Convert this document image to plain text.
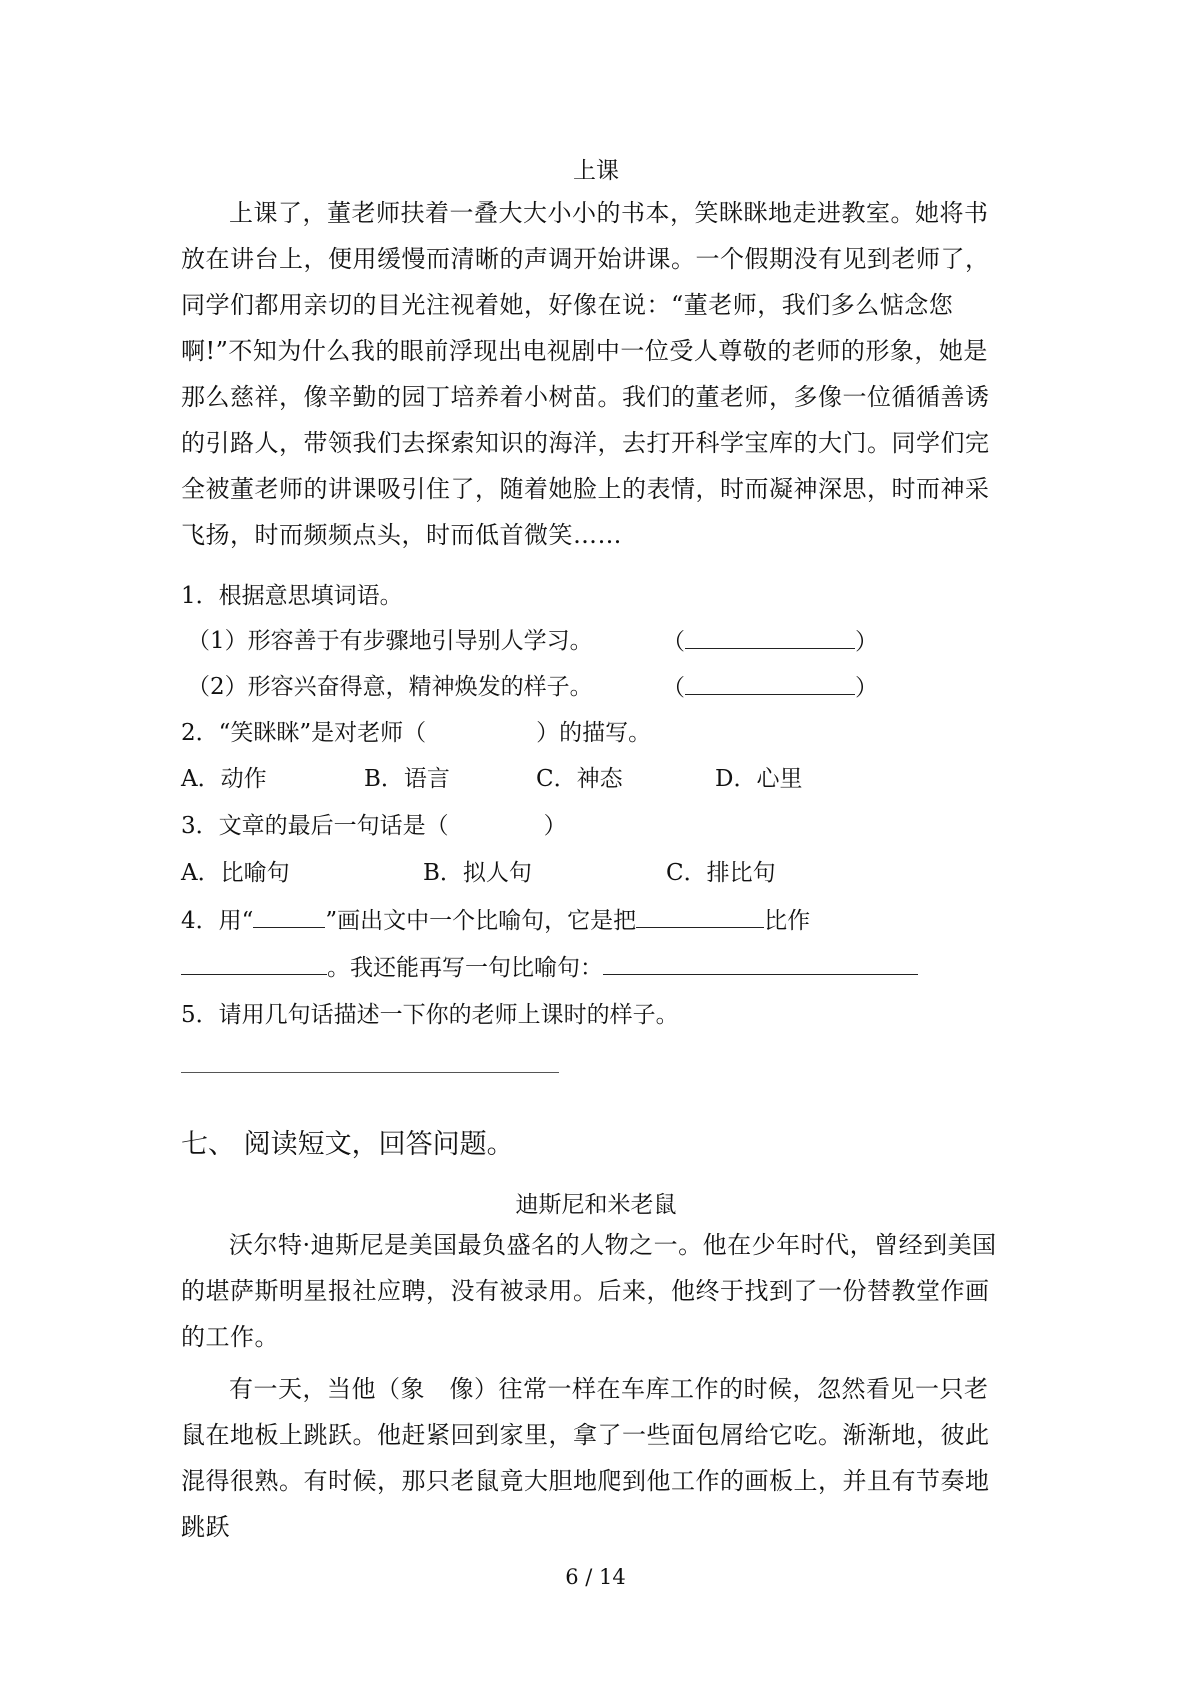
上课

上课了，董老师扶着一叠大大小小的书本，笑眯眯地走进教室。她将书放在讲台上，便用缓慢而清晰的声调开始讲课。一个假期没有见到老师了，同学们都用亲切的目光注视着她，好像在说：“董老师，我们多么惦念您啊!”不知为什么我的眼前浮现出电视剧中一位受人尊敬的老师的形象，她是那么慈祥，像辛勤的园丁培养着小树苗。我们的董老师，多像一位循循善诱的引路人，带领我们去探索知识的海洋，去打开科学宝库的大门。同学们完全被董老师的讲课吸引住了，随着她脸上的表情，时而凝神深思，时而神采飞扬，时而频频点头，时而低首微笑……

1．根据意思填词语。
（1）形容善于有步骤地引导别人学习。	（	）
（2）形容兴奋得意，精神焕发的样子。	（	）
2．“笑眯眯”是对老师（	）的描写。
A．动作	B．语言	C．神态	D．心里
3．文章的最后一句话是（	）
A．比喻句	B．拟人句	C．排比句
4．用“	”画出文中一个比喻句，它是把	比作
。我还能再写一句比喻句：
5．请用几句话描述一下你的老师上课时的样子。
七、 阅读短文，回答问题。
迪斯尼和米老鼠

沃尔特·迪斯尼是美国最负盛名的人物之一。他在少年时代，曾经到美国的堪萨斯明星报社应聘，没有被录用。后来，他终于找到了一份替教堂作画的工作。

有一天，当他（象　像）往常一样在车库工作的时候，忽然看见一只老鼠在地板上跳跃。他赶紧回到家里，拿了一些面包屑给它吃。渐渐地，彼此混得很熟。有时候，那只老鼠竟大胆地爬到他工作的画板上，并且有节奏地跳跃

6 / 14
